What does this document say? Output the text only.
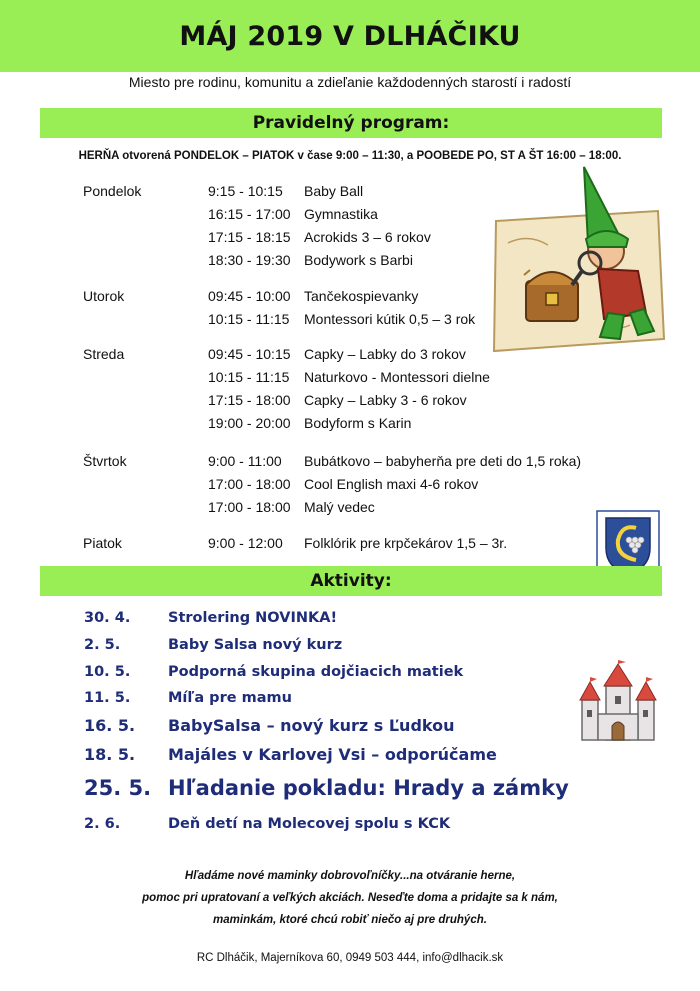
MÁJ 2019 V DLHÁČIKU
Miesto pre rodinu, komunitu a zdieľanie každodenných starostí i radostí
Pravidelný program:
HERŇA otvorená PONDELOK – PIATOK v čase 9:00 – 11:30, a POOBEDE PO, ST A ŠT 16:00 – 18:00.
Pondelok	9:15 - 10:15 Baby Ball
16:15 - 17:00 Gymnastika
17:15 - 18:15 Acrokids 3 – 6 rokov
18:30 - 19:30 Bodywork s Barbi
Utorok	09:45 - 10:00 Tančekospievanky
10:15 - 11:15 Montessori kútik 0,5 – 3 rok
Streda	09:45 - 10:15 Capky – Labky do 3 rokov
10:15 - 11:15 Naturkovo - Montessori dielne
17:15 - 18:00 Capky – Labky 3 - 6 rokov
19:00 - 20:00 Bodyform s Karin
Štvrtok	9:00 - 11:00 Bubátkovo – babyherňa pre deti do 1,5 roka)
17:00 - 18:00 Cool English maxi 4-6 rokov
17:00 - 18:00 Malý vedec
Piatok	9:00 - 12:00 Folklórik pre krpčekárov 1,5 – 3r.
Aktivity:
30. 4.	Strolering NOVINKA!
2. 5.	Baby Salsa nový kurz
10. 5.	Podporná skupina dojčiacich matiek
11. 5.	Míľa pre mamu
16. 5. BabySalsa – nový kurz s Ľudkou
18. 5. Majáles v Karlovej Vsi – odporúčame
25. 5. Hľadanie pokladu: Hrady a zámky
2. 6.	Deň detí na Molecovej spolu s KCK
Hľadáme nové maminky dobrovoľníčky...na otváranie herne,
pomoc pri upratovaní a veľkých akciách. Neseďte doma a pridajte sa k nám,
maminkám, ktoré chcú robiť niečo aj pre druhých.
RC Dlháčik, Majerníkova 60, 0949 503 444, info@dlhacik.sk
